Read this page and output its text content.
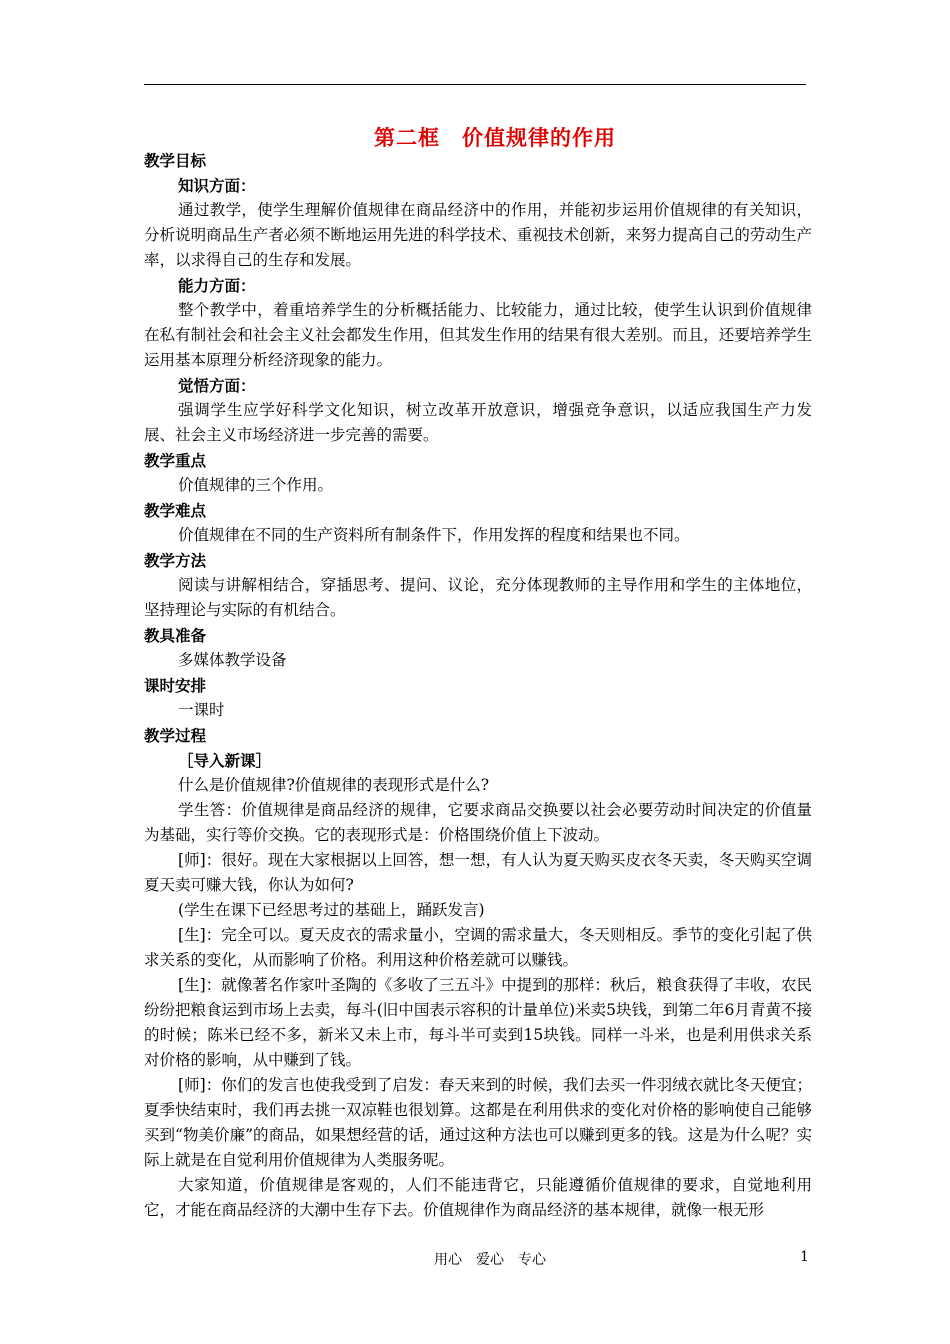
第二框　价值规律的作用

教学目标

知识方面：

通过教学，使学生理解价值规律在商品经济中的作用，并能初步运用价值规律的有关知识，分析说明商品生产者必须不断地运用先进的科学技术、重视技术创新，来努力提高自己的劳动生产率，以求得自己的生存和发展。

能力方面：

整个教学中，着重培养学生的分析概括能力、比较能力，通过比较，使学生认识到价值规律在私有制社会和社会主义社会都发生作用，但其发生作用的结果有很大差别。而且，还要培养学生运用基本原理分析经济现象的能力。

觉悟方面：

强调学生应学好科学文化知识，树立改革开放意识，增强竞争意识，以适应我国生产力发展、社会主义市场经济进一步完善的需要。

教学重点

价值规律的三个作用。

教学难点

价值规律在不同的生产资料所有制条件下，作用发挥的程度和结果也不同。

教学方法

阅读与讲解相结合，穿插思考、提问、议论，充分体现教师的主导作用和学生的主体地位，坚持理论与实际的有机结合。

教具准备

多媒体教学设备

课时安排

一课时

教学过程

［导入新课］

什么是价值规律?价值规律的表现形式是什么?

学生答：价值规律是商品经济的规律，它要求商品交换要以社会必要劳动时间决定的价值量为基础，实行等价交换。它的表现形式是：价格围绕价值上下波动。

[师]：很好。现在大家根据以上回答，想一想，有人认为夏天购买皮衣冬天卖，冬天购买空调夏天卖可赚大钱，你认为如何?

(学生在课下已经思考过的基础上，踊跃发言)

[生]：完全可以。夏天皮衣的需求量小，空调的需求量大，冬天则相反。季节的变化引起了供求关系的变化，从而影响了价格。利用这种价格差就可以赚钱。

[生]：就像著名作家叶圣陶的《多收了三五斗》中提到的那样：秋后，粮食获得了丰收，农民纷纷把粮食运到市场上去卖，每斗(旧中国表示容积的计量单位)米卖5块钱，到第二年6月青黄不接的时候；陈米已经不多，新米又未上市，每斗半可卖到15块钱。同样一斗米，也是利用供求关系对价格的影响，从中赚到了钱。

[师]：你们的发言也使我受到了启发：春天来到的时候，我们去买一件羽绒衣就比冬天便宜；夏季快结束时，我们再去挑一双凉鞋也很划算。这都是在利用供求的变化对价格的影响使自己能够买到“物美价廉”的商品，如果想经营的话，通过这种方法也可以赚到更多的钱。这是为什么呢？实际上就是在自觉利用价值规律为人类服务呢。

大家知道，价值规律是客观的，人们不能违背它，只能遵循价值规律的要求，自觉地利用它，才能在商品经济的大潮中生存下去。价值规律作为商品经济的基本规律，就像一根无形

用心　爱心　专心	1
